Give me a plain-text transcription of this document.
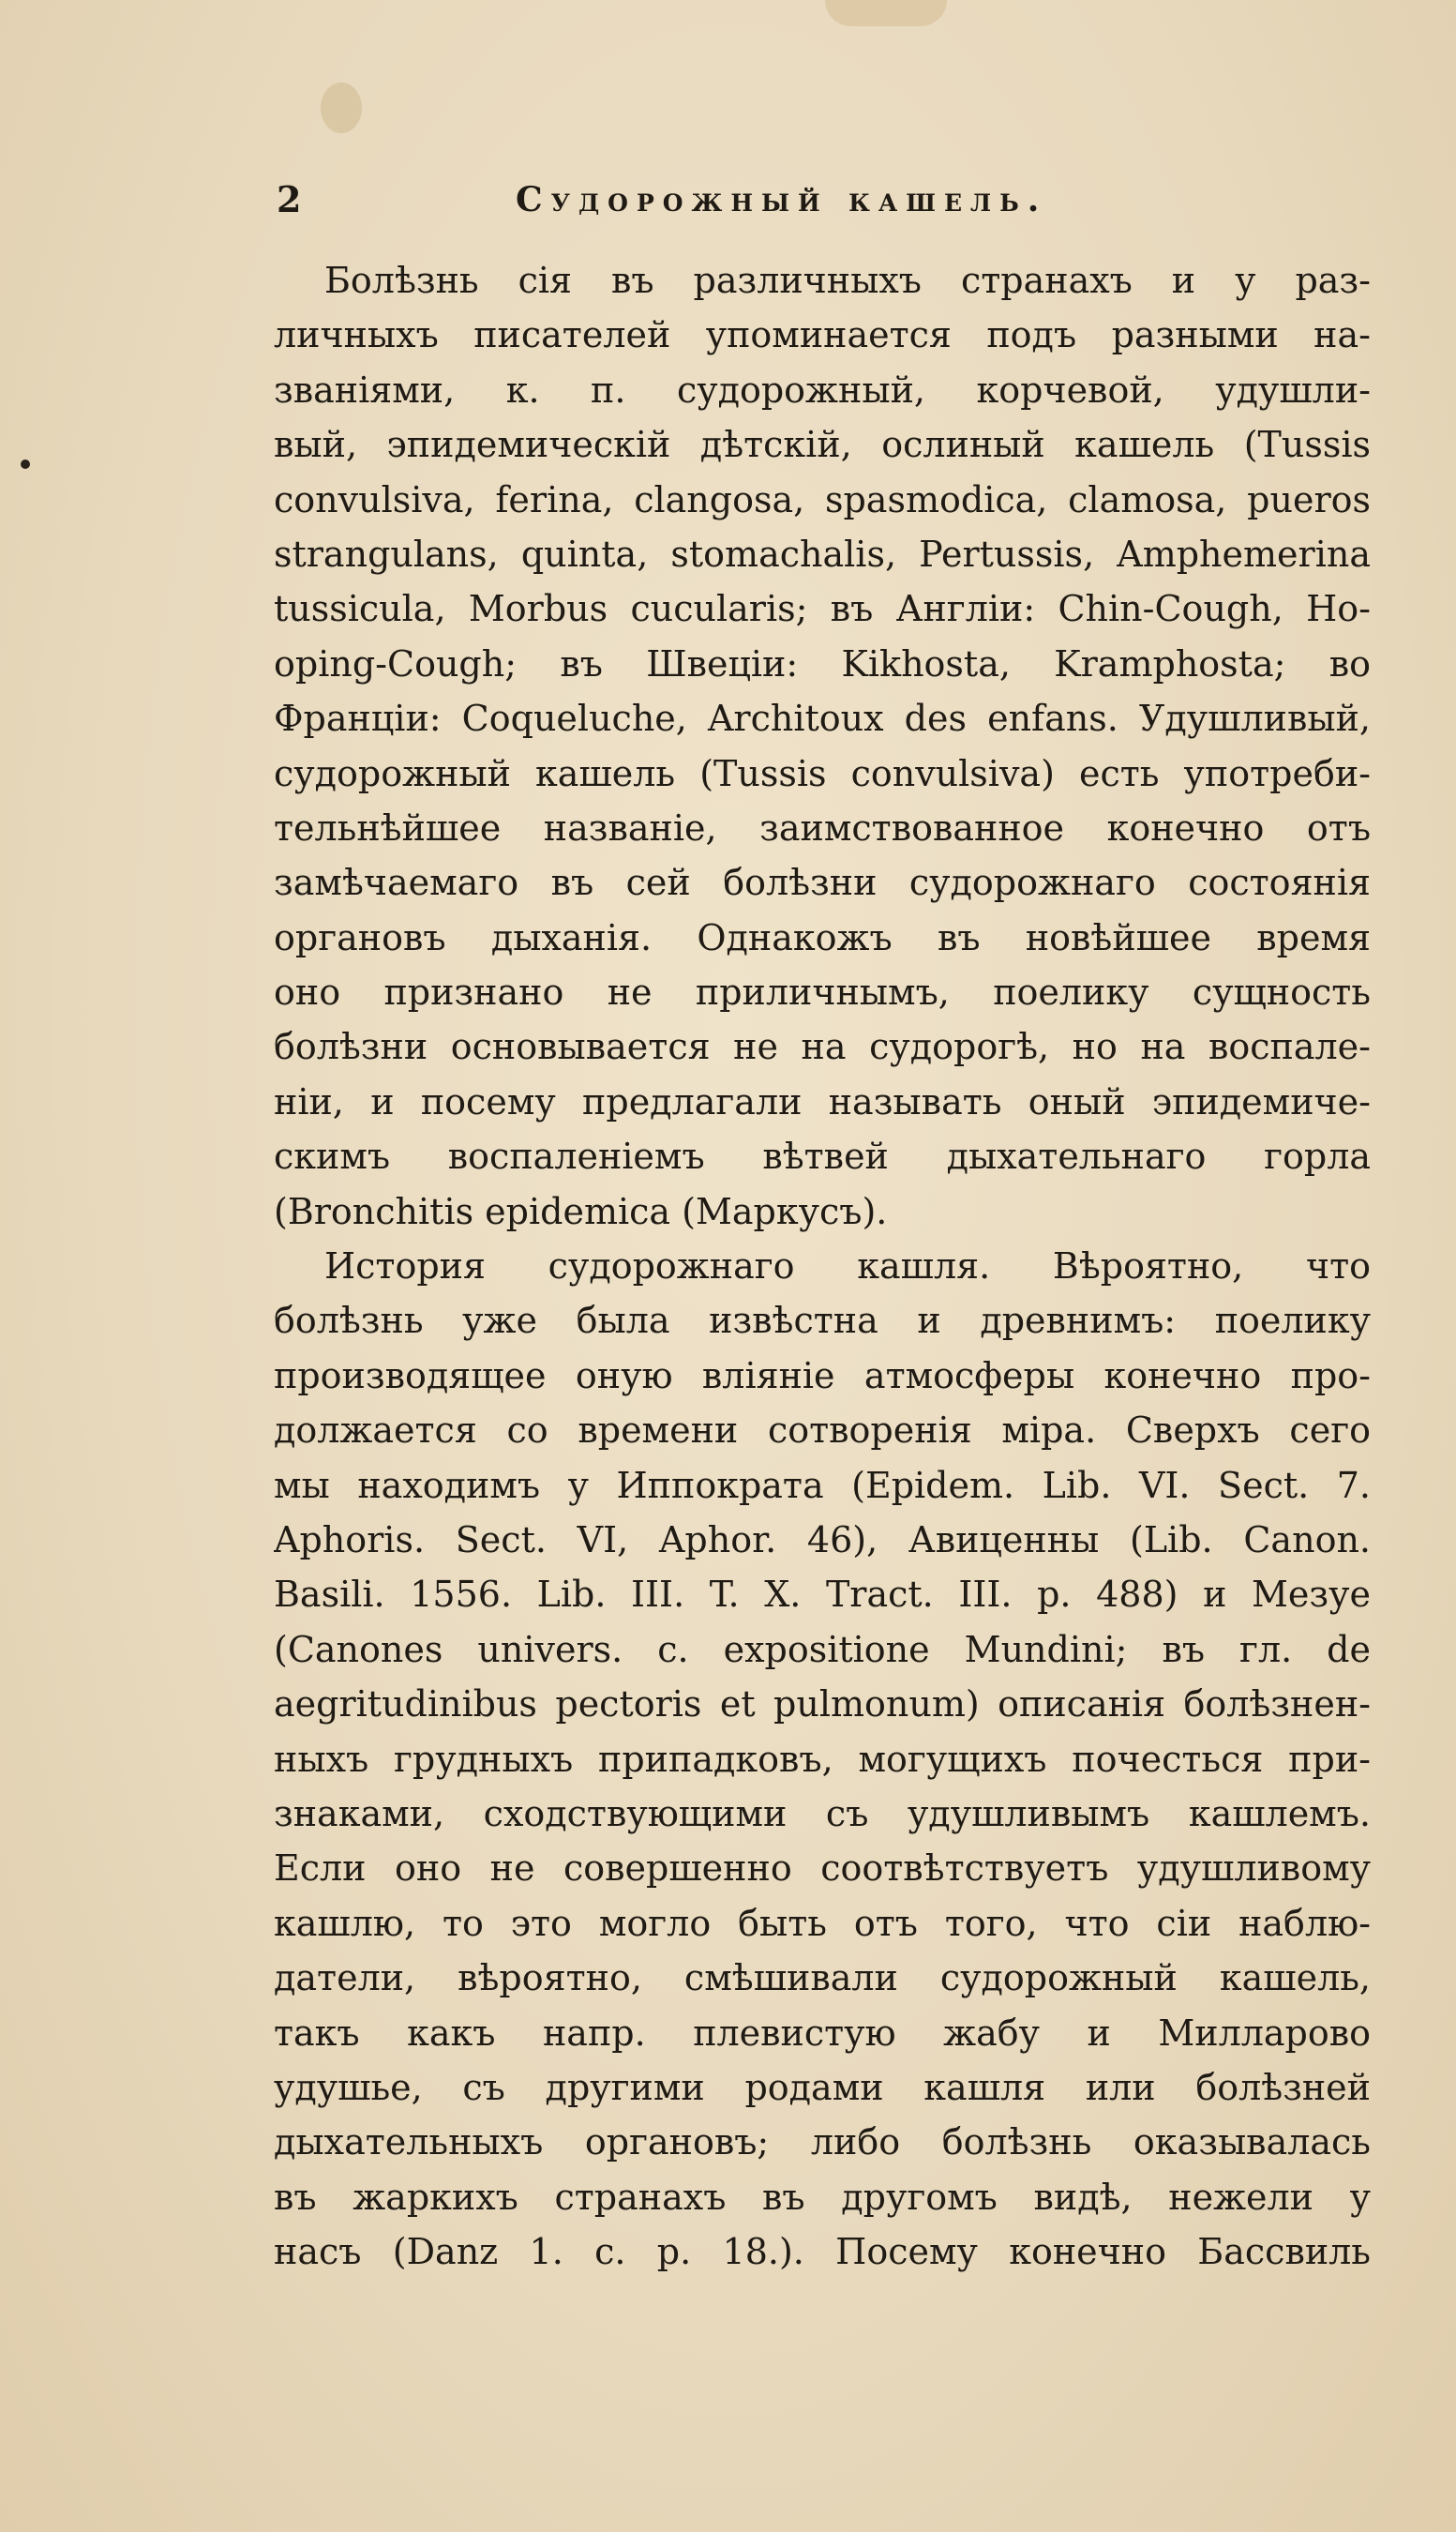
2	Судорожный кашель.
Болѣзнь сія въ различныхъ странахъ и у раз-
личныхъ писателей упоминается подъ разными на-
званіями, к. п. судорожный, корчевой, удушли-
вый, эпидемическій дѣтскій, ослиный кашель (Tussis
convulsiva, ferina, clangosa, spasmodica, clamosa, pueros
strangulans, quinta, stomachalis, Pertussis, Amphemerina
tussicula, Morbus cucularis; въ Англіи: Chin-Cough, Ho-
oping-Cough; въ Швеціи: Kikhosta, Kramphosta; во
Франціи: Coqueluche, Architoux des enfans. Удушливый,
судорожный кашель (Tussis convulsiva) есть употреби-
тельнѣйшее названіе, заимствованное конечно отъ
замѣчаемаго въ сей болѣзни судорожнаго состоянія
органовъ дыханія. Однакожъ въ новѣйшее время
оно признано не приличнымъ, поелику сущность
болѣзни основывается не на судорогѣ, но на воспале-
ніи, и посему предлагали называть оный эпидемиче-
скимъ воспаленіемъ вѣтвей дыхательнаго горла
(Bronchitis epidemica (Маркусъ).
История судорожнаго кашля. Вѣроятно, что
болѣзнь уже была извѣстна и древнимъ: поелику
производящее оную вліяніе атмосферы конечно про-
должается со времени сотворенія міра. Сверхъ сего
мы находимъ у Иппократа (Epidem. Lib. VI. Sect. 7.
Aphoris. Sect. VI, Aphor. 46), Авиценны (Lib. Canon.
Basili. 1556. Lib. III. T. X. Tract. III. p. 488) и Мезуе
(Canones univers. c. expositione Mundini; въ гл. de
aegritudinibus pectoris et pulmonum) описанія болѣзнен-
ныхъ грудныхъ припадковъ, могущихъ почесться при-
знаками, сходствующими съ удушливымъ кашлемъ.
Если оно не совершенно соотвѣтствуетъ удушливому
кашлю, то это могло быть отъ того, что сіи наблю-
датели, вѣроятно, смѣшивали судорожный кашель,
такъ какъ напр. плевистую жабу и Милларово
удушье, съ другими родами кашля или болѣзней
дыхательныхъ органовъ; либо болѣзнь оказывалась
въ жаркихъ странахъ въ другомъ видѣ, нежели у
насъ (Danz 1. c. p. 18.). Посему конечно Бассвиль
